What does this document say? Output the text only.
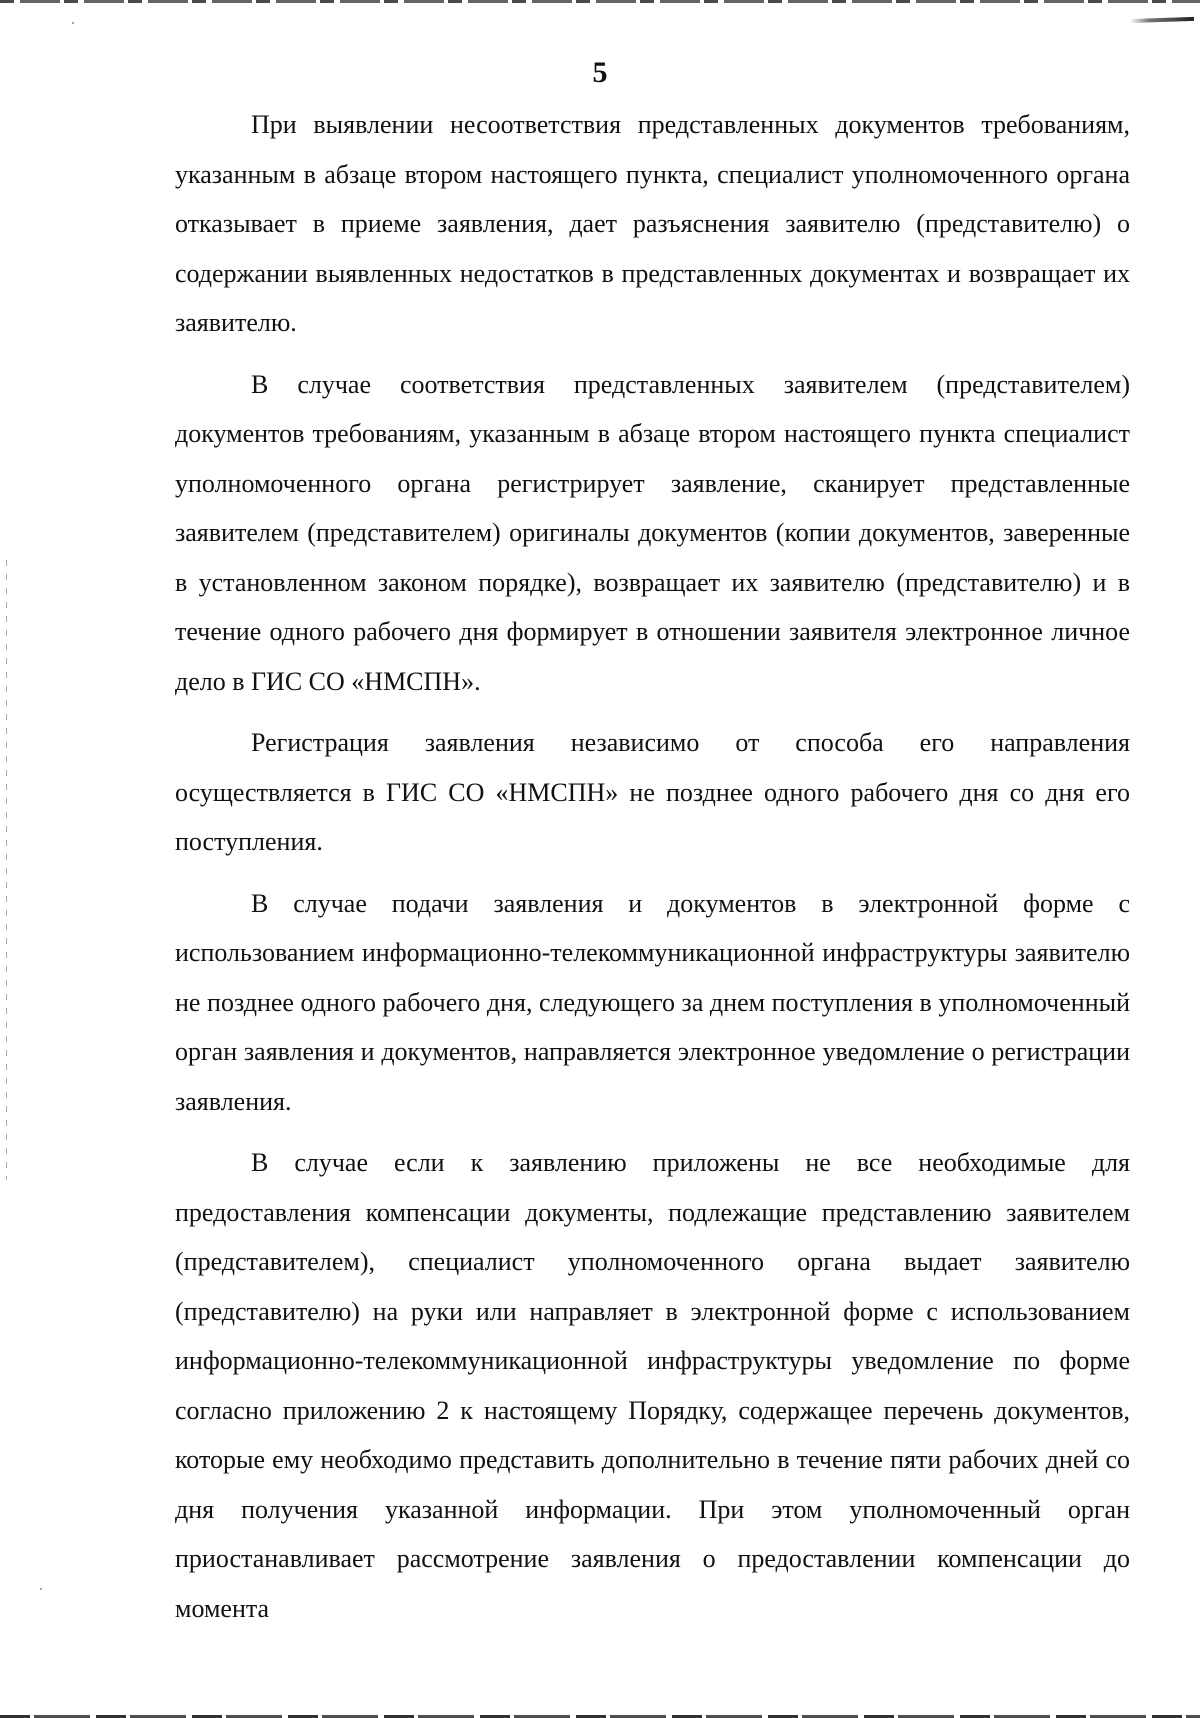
5

При выявлении несоответствия представленных документов требованиям, указанным в абзаце втором настоящего пункта, специалист уполномоченного органа отказывает в приеме заявления, дает разъяснения заявителю (представителю) о содержании выявленных недостатков в представленных документах и возвращает их заявителю.

В случае соответствия представленных заявителем (представителем) документов требованиям, указанным в абзаце втором настоящего пункта специалист уполномоченного органа регистрирует заявление, сканирует представленные заявителем (представителем) оригиналы документов (копии документов, заверенные в установленном законом порядке), возвращает их заявителю (представителю) и в течение одного рабочего дня формирует в отношении заявителя электронное личное дело в ГИС СО «НМСПН».

Регистрация заявления независимо от способа его направления осуществляется в ГИС СО «НМСПН» не позднее одного рабочего дня со дня его поступления.

В случае подачи заявления и документов в электронной форме с использованием информационно-телекоммуникационной инфраструктуры заявителю не позднее одного рабочего дня, следующего за днем поступления в уполномоченный орган заявления и документов, направляется электронное уведомление о регистрации заявления.

В случае если к заявлению приложены не все необходимые для предоставления компенсации документы, подлежащие представлению заявителем (представителем), специалист уполномоченного органа выдает заявителю (представителю) на руки или направляет в электронной форме с использованием информационно-телекоммуникационной инфраструктуры уведомление по форме согласно приложению 2 к настоящему Порядку, содержащее перечень документов, которые ему необходимо представить дополнительно в течение пяти рабочих дней со дня получения указанной информации. При этом уполномоченный орган приостанавливает рассмотрение заявления о предоставлении компенсации до момента
